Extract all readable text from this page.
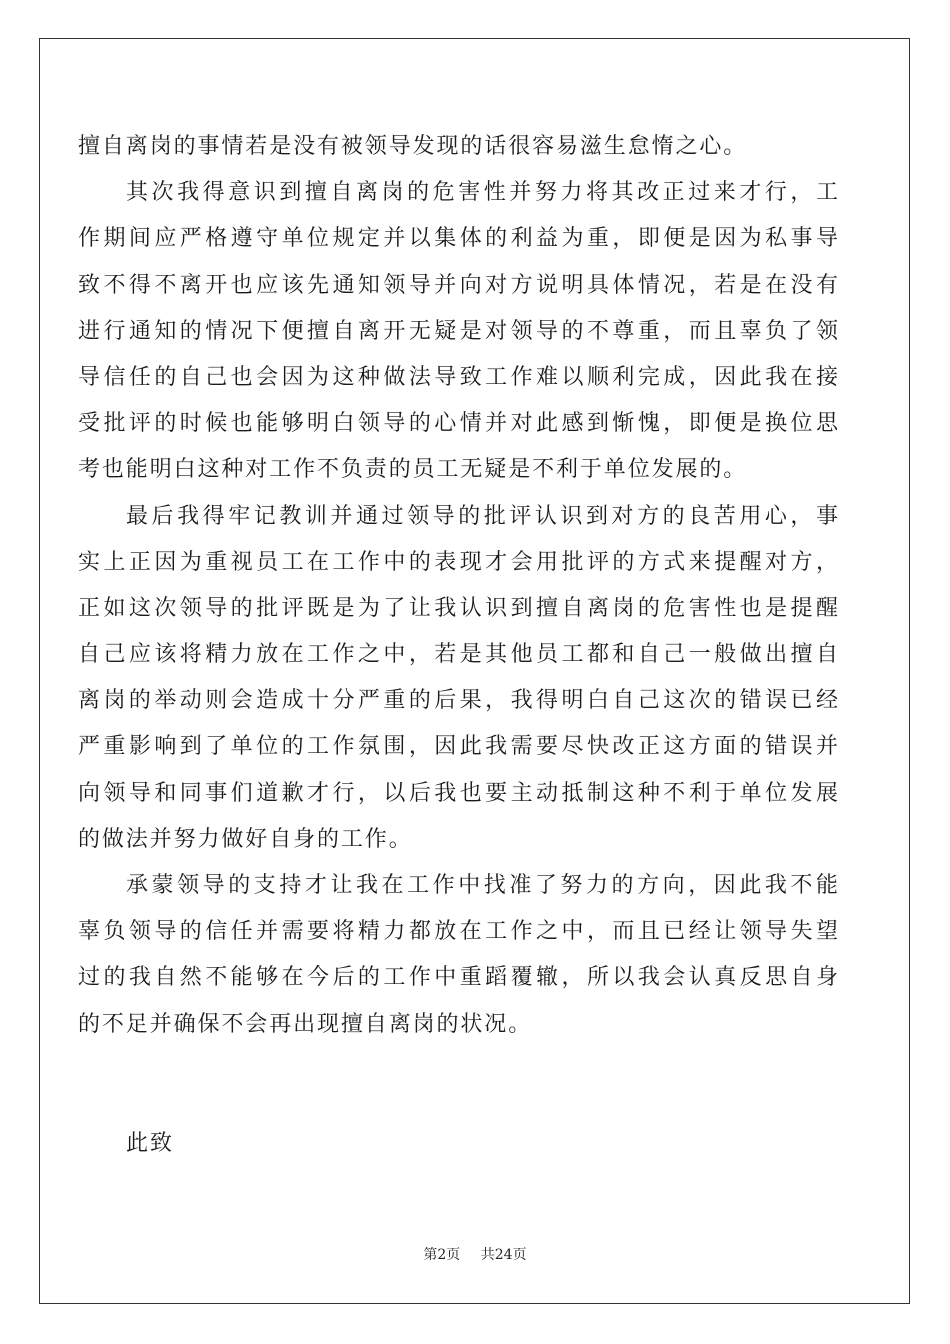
擅自离岗的事情若是没有被领导发现的话很容易滋生怠惰之心。
其次我得意识到擅自离岗的危害性并努力将其改正过来才行，工
作期间应严格遵守单位规定并以集体的利益为重，即便是因为私事导
致不得不离开也应该先通知领导并向对方说明具体情况，若是在没有
进行通知的情况下便擅自离开无疑是对领导的不尊重，而且辜负了领
导信任的自己也会因为这种做法导致工作难以顺利完成，因此我在接
受批评的时候也能够明白领导的心情并对此感到惭愧，即便是换位思
考也能明白这种对工作不负责的员工无疑是不利于单位发展的。
最后我得牢记教训并通过领导的批评认识到对方的良苦用心，事
实上正因为重视员工在工作中的表现才会用批评的方式来提醒对方，
正如这次领导的批评既是为了让我认识到擅自离岗的危害性也是提醒
自己应该将精力放在工作之中，若是其他员工都和自己一般做出擅自
离岗的举动则会造成十分严重的后果，我得明白自己这次的错误已经
严重影响到了单位的工作氛围，因此我需要尽快改正这方面的错误并
向领导和同事们道歉才行，以后我也要主动抵制这种不利于单位发展
的做法并努力做好自身的工作。
承蒙领导的支持才让我在工作中找准了努力的方向，因此我不能
辜负领导的信任并需要将精力都放在工作之中，而且已经让领导失望
过的我自然不能够在今后的工作中重蹈覆辙，所以我会认真反思自身
的不足并确保不会再出现擅自离岗的状况。
此致
第2页 共24页
